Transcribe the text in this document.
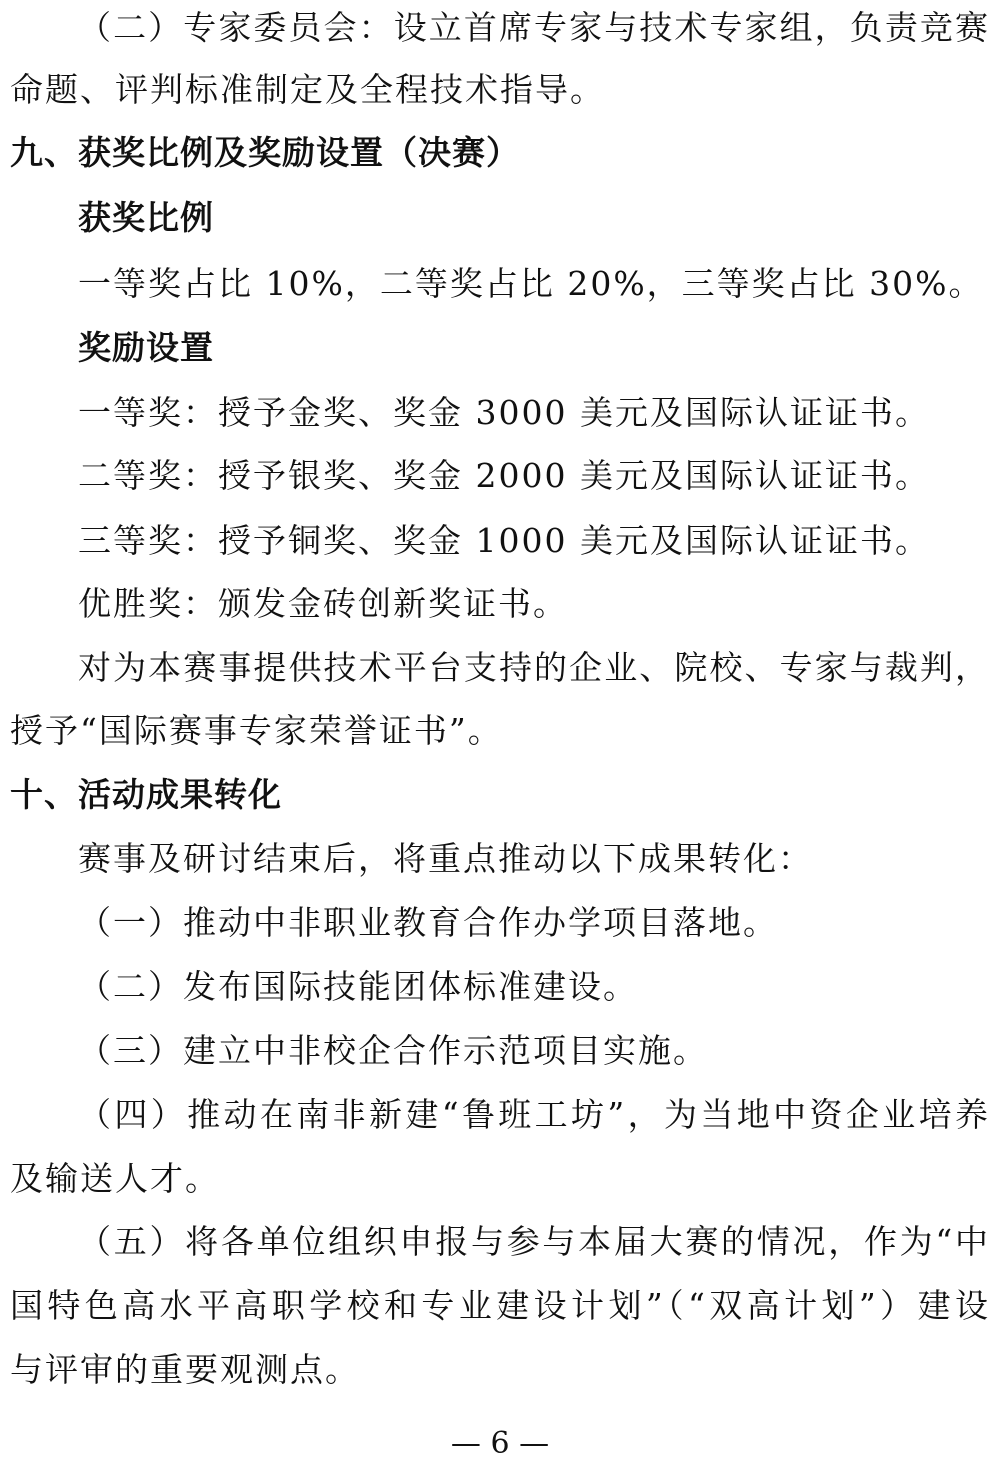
（二）专家委员会：设立首席专家与技术专家组，负责竞赛
命题、评判标准制定及全程技术指导。
九、获奖比例及奖励设置（决赛）
获奖比例
一等奖占比 10%，二等奖占比 20%，三等奖占比 30%。
奖励设置
一等奖：授予金奖、奖金 3000 美元及国际认证证书。
二等奖：授予银奖、奖金 2000 美元及国际认证证书。
三等奖：授予铜奖、奖金 1000 美元及国际认证证书。
优胜奖：颁发金砖创新奖证书。
对为本赛事提供技术平台支持的企业、院校、专家与裁判，
授予“国际赛事专家荣誉证书”。
十、活动成果转化
赛事及研讨结束后，将重点推动以下成果转化：
（一）推动中非职业教育合作办学项目落地。
（二）发布国际技能团体标准建设。
（三）建立中非校企合作示范项目实施。
（四）推动在南非新建“鲁班工坊”，为当地中资企业培养
及输送人才。
（五）将各单位组织申报与参与本届大赛的情况，作为“中
国特色高水平高职学校和专业建设计划”（“双高计划”）建设
与评审的重要观测点。
— 6 —
